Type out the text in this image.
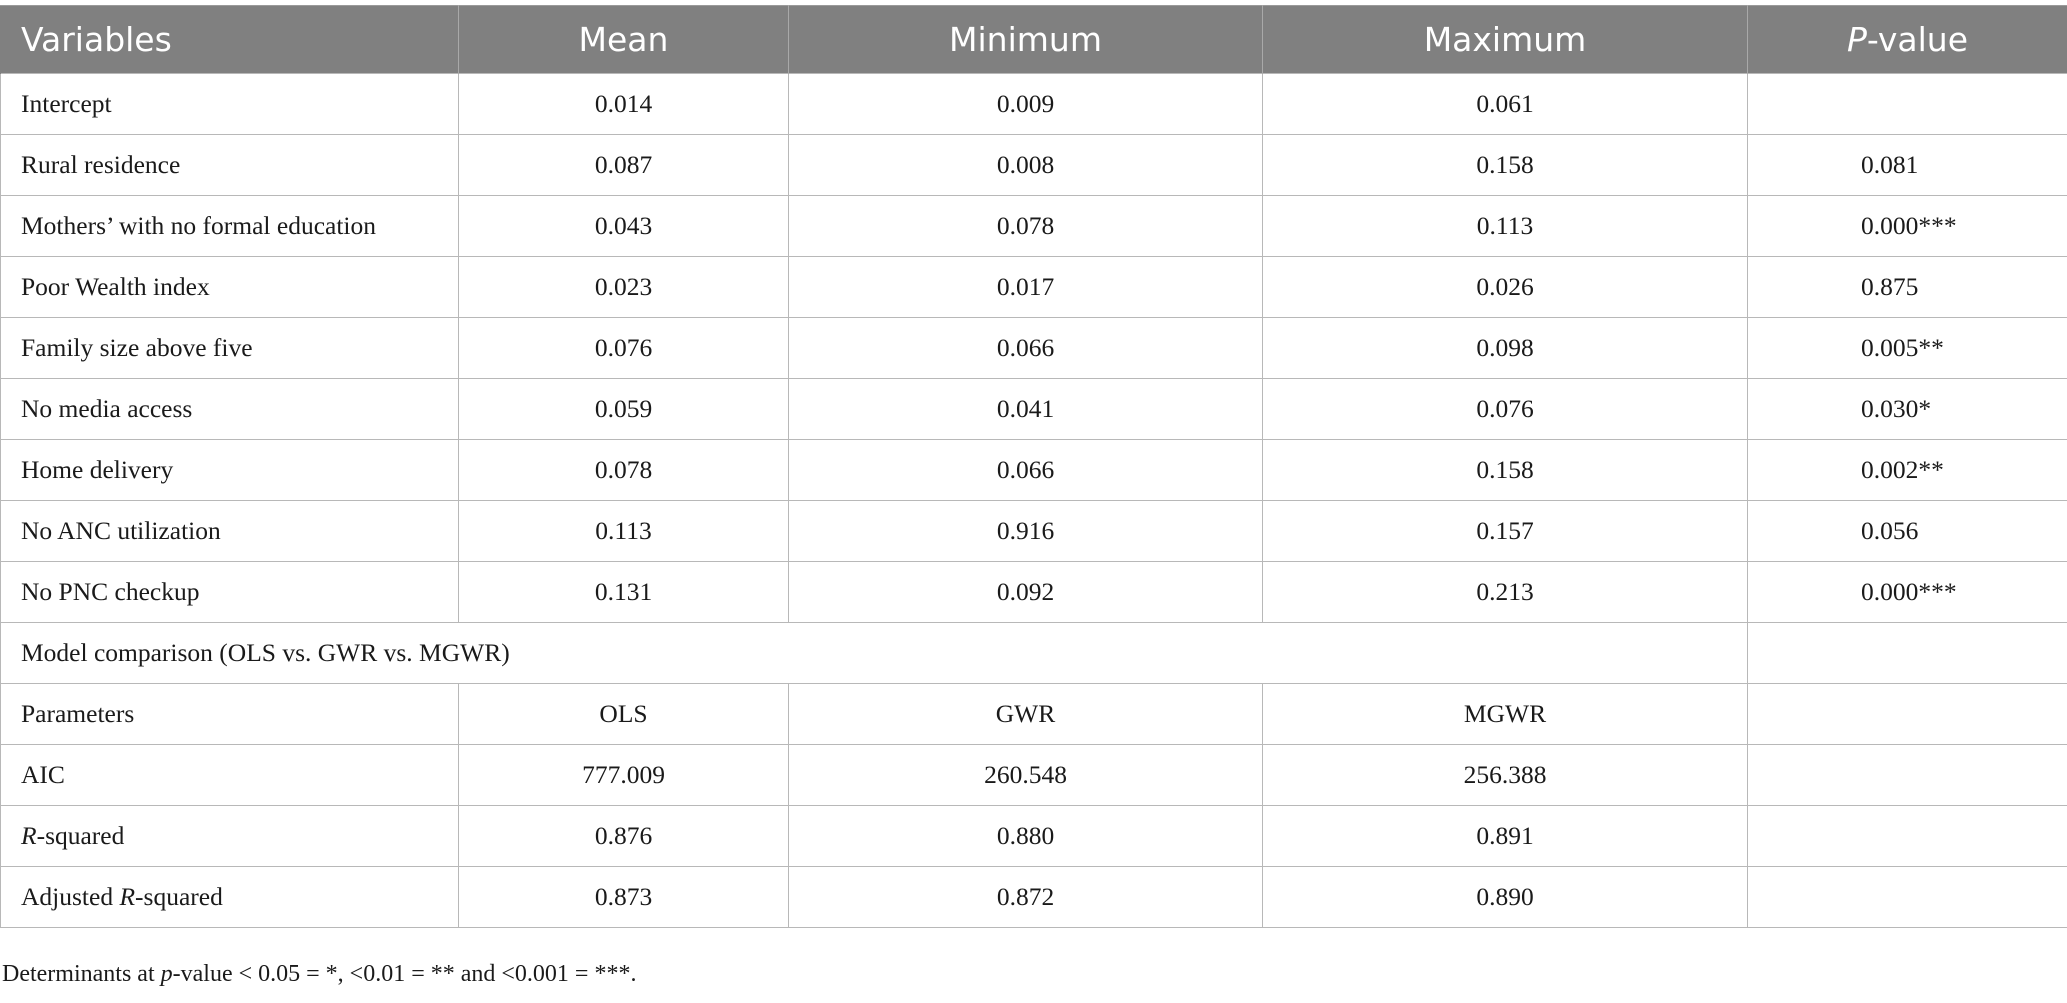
Variables	Mean	Minimum	Maximum	P-value
Intercept	0.014	0.009	0.061	
Rural residence	0.087	0.008	0.158	0.081
Mothers’ with no formal education	0.043	0.078	0.113	0.000***
Poor Wealth index	0.023	0.017	0.026	0.875
Family size above five	0.076	0.066	0.098	0.005**
No media access	0.059	0.041	0.076	0.030*
Home delivery	0.078	0.066	0.158	0.002**
No ANC utilization	0.113	0.916	0.157	0.056
No PNC checkup	0.131	0.092	0.213	0.000***
Model comparison (OLS vs. GWR vs. MGWR)				
Parameters	OLS	GWR	MGWR	
AIC	777.009	260.548	256.388	
R-squared	0.876	0.880	0.891	
Adjusted R-squared	0.873	0.872	0.890	
Determinants at p-value < 0.05 = *, <0.01 = ** and <0.001 = ***.
